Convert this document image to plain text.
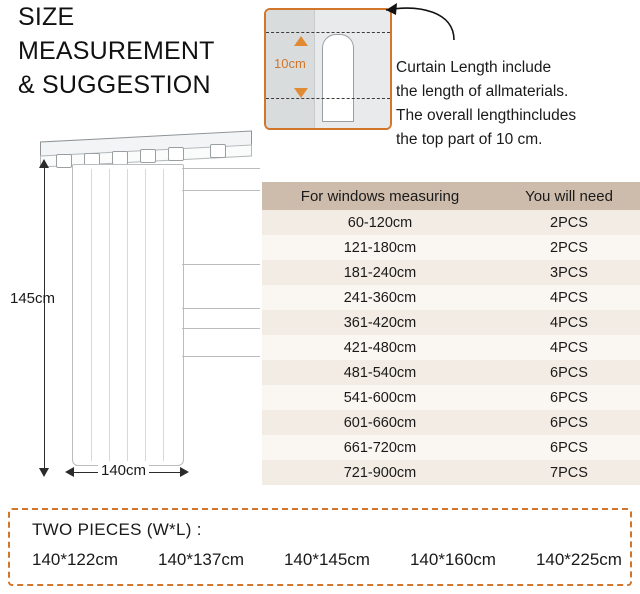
SIZE
MEASUREMENT
& SUGGESTION
10cm	Curtain Length include
the length of allmaterials.
The overall lengthincludes
the top part of 10 cm.
145cm
140cm
For windows measuring	You will need
60-120cm	2PCS
121-180cm	2PCS
181-240cm	3PCS
241-360cm	4PCS
361-420cm	4PCS
421-480cm	4PCS
481-540cm	6PCS
541-600cm	6PCS
601-660cm	6PCS
661-720cm	6PCS
721-900cm	7PCS
TWO PIECES (W*L) :
140*122cm 140*137cm 140*145cm 140*160cm 140*225cm
